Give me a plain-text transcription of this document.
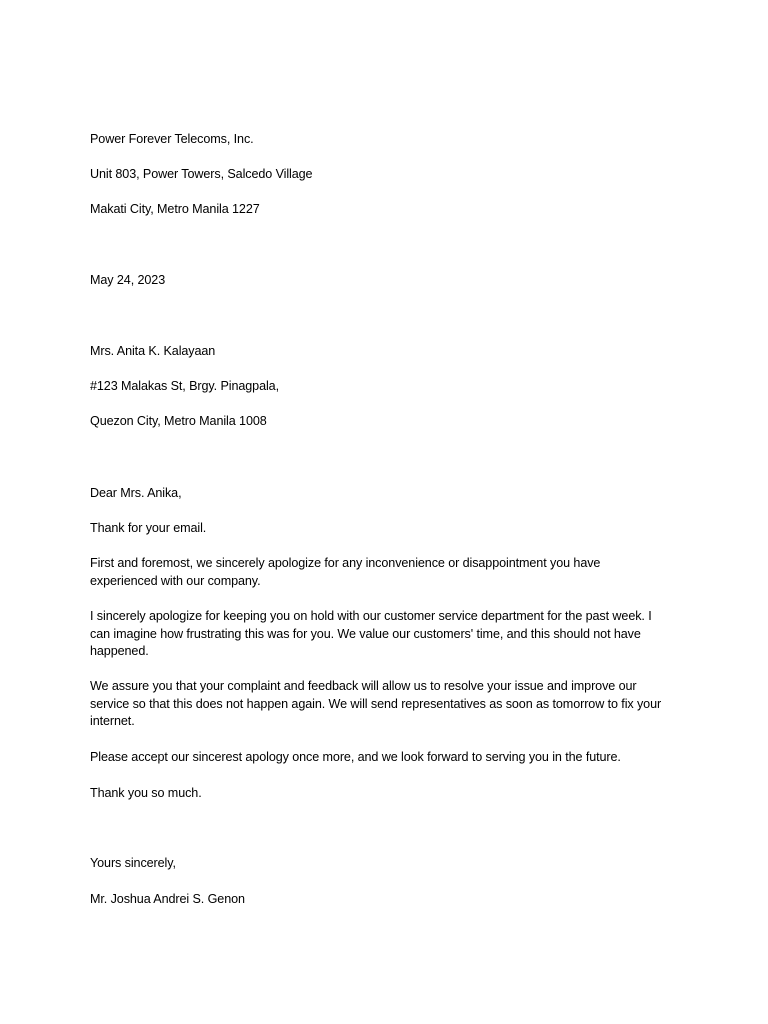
Power Forever Telecoms, Inc.
Unit 803, Power Towers, Salcedo Village
Makati City, Metro Manila 1227
May 24, 2023
Mrs. Anita K. Kalayaan
#123 Malakas St, Brgy. Pinagpala,
Quezon City, Metro Manila 1008
Dear Mrs. Anika,
Thank for your email.
First and foremost, we sincerely apologize for any inconvenience or disappointment you have
experienced with our company.
I sincerely apologize for keeping you on hold with our customer service department for the past week. I
can imagine how frustrating this was for you. We value our customers' time, and this should not have
happened.
We assure you that your complaint and feedback will allow us to resolve your issue and improve our
service so that this does not happen again. We will send representatives as soon as tomorrow to fix your
internet.
Please accept our sincerest apology once more, and we look forward to serving you in the future.
Thank you so much.
Yours sincerely,
Mr. Joshua Andrei S. Genon
